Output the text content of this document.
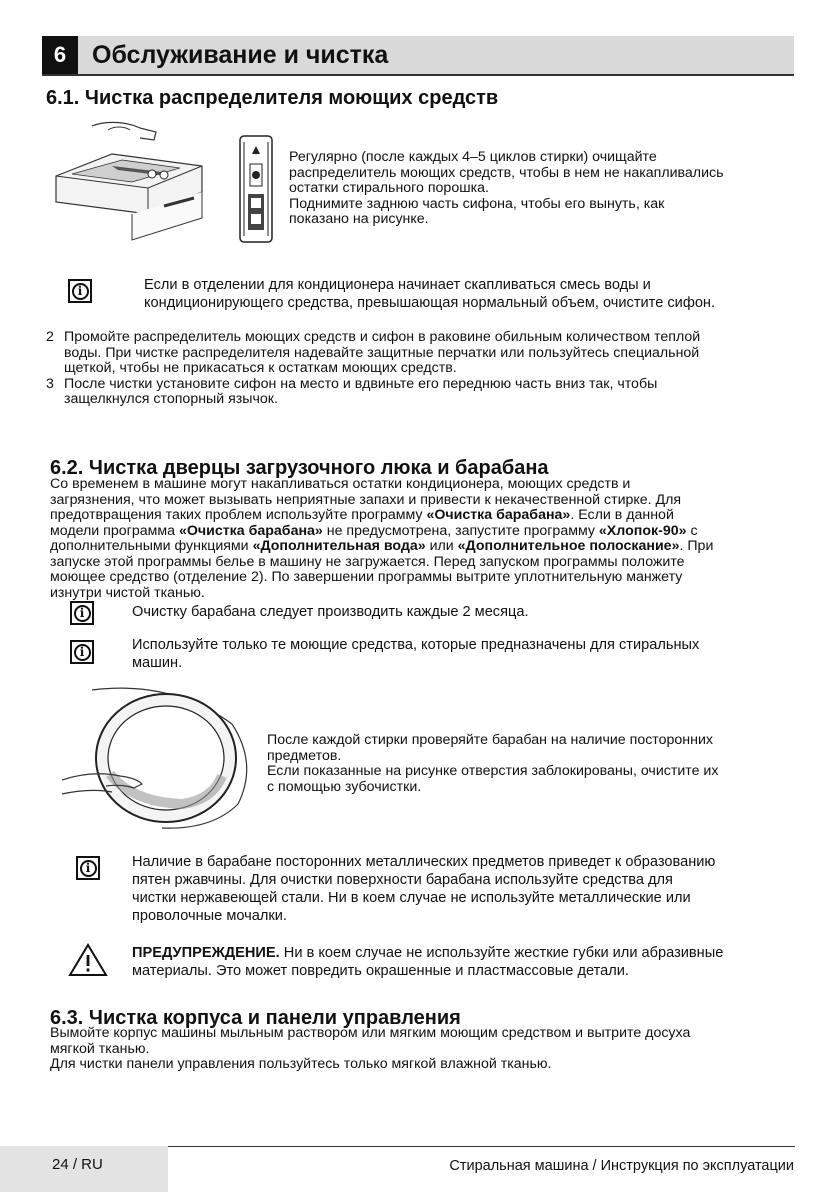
6	Обслуживание и чистка
6.1. Чистка распределителя моющих средств

Регулярно (после каждых 4–5 циклов стирки) очищайте

распределитель моющих средств, чтобы в нем не накапливались

остатки стирального порошка.

Поднимите заднюю часть сифона, чтобы его вынуть, как

показано на рисунке.

i	Если в отделении для кондиционера начинает скапливаться смесь воды и

кондиционирующего средства, превышающая нормальный объем, очистите сифон.

2 Промойте распределитель моющих средств и сифон в раковине обильным количеством теплой
воды. При чистке распределителя надевайте защитные перчатки или пользуйтесь специальной
щеткой, чтобы не прикасаться к остаткам моющих средств.
3 После чистки установите сифон на место и вдвиньте его переднюю часть вниз так, чтобы
защелкнулся стопорный язычок.
6.2. Чистка дверцы загрузочного люка и барабана

Со временем в машине могут накапливаться остатки кондиционера, моющих средств и

загрязнения, что может вызывать неприятные запахи и привести к некачественной стирке. Для

предотвращения таких проблем используйте программу «Очистка барабана». Если в данной

модели программа «Очистка барабана» не предусмотрена, запустите программу «Хлопок-90» с

дополнительными функциями «Дополнительная вода» или «Дополнительное полоскание». При

запуске этой программы белье в машину не загружается. Перед запуском программы положите

моющее средство (отделение 2). По завершении программы вытрите уплотнительную манжету

изнутри чистой тканью.

i	Очистку барабана следует производить каждые 2 месяца.

i	Используйте только те моющие средства, которые предназначены для стиральных

машин.

После каждой стирки проверяйте барабан на наличие посторонних

предметов.

Если показанные на рисунке отверстия заблокированы, очистите их

с помощью зубочистки.

i	Наличие в барабане посторонних металлических предметов приведет к образованию

пятен ржавчины. Для очистки поверхности барабана используйте средства для

чистки нержавеющей стали. Ни в коем случае не используйте металлические или

проволочные мочалки.

ПРЕДУПРЕЖДЕНИЕ. Ни в коем случае не используйте жесткие губки или абразивные

материалы. Это может повредить окрашенные и пластмассовые детали.

6.3. Чистка корпуса и панели управления

Вымойте корпус машины мыльным раствором или мягким моющим средством и вытрите досуха

мягкой тканью.

Для чистки панели управления пользуйтесь только мягкой влажной тканью.

24 / RU	Стиральная машина / Инструкция по эксплуатации
